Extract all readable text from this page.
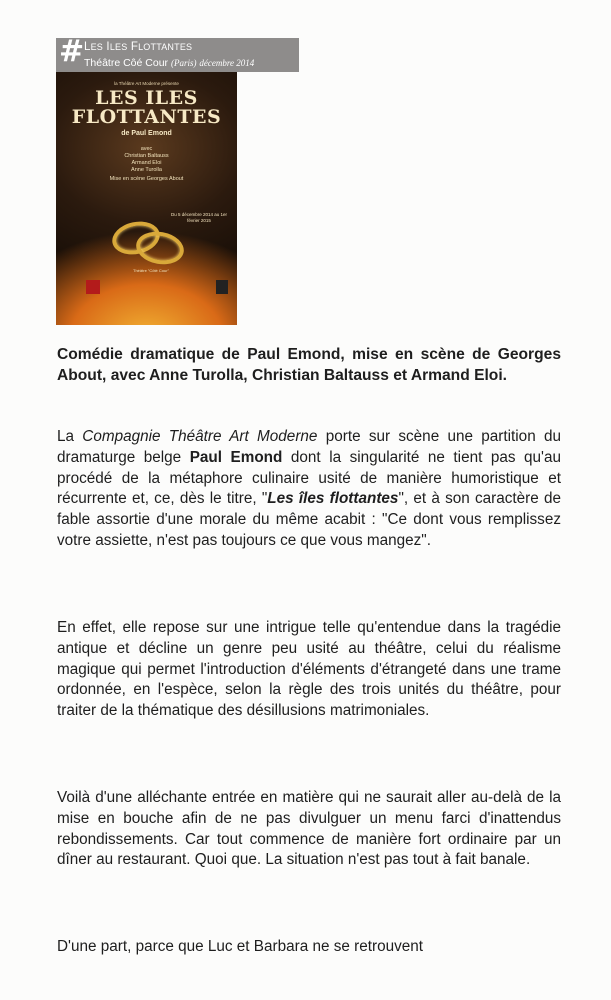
# LES ILES FLOTTANTES
Théâtre Côé Cour (Paris) décembre 2014
la Théâtre Art Moderne présente
LES ILES
FLOTTANTES
de Paul Emond
avec
Christian Baltauss
Armand Eloi
Anne Turolla
Mise en scène Georges About
Du 5 décembre 2014 au 1er février 2015
Théâtre "Côté Cour"
Comédie dramatique de Paul Emond, mise en scène de Georges About, avec Anne Turolla, Christian Baltauss et Armand Eloi.
La Compagnie Théâtre Art Moderne porte sur scène une partition du dramaturge belge Paul Emond dont la singularité ne tient pas qu'au procédé de la métaphore culinaire usité de manière humoristique et récurrente et, ce, dès le titre, "Les îles flottantes", et à son caractère de fable assortie d'une morale du même acabit : "Ce dont vous remplissez votre assiette, n'est pas toujours ce que vous mangez".
En effet, elle repose sur une intrigue telle qu'entendue dans la tragédie antique et décline un genre peu usité au théâtre, celui du réalisme magique qui permet l'introduction d'éléments d'étrangeté dans une trame ordonnée, en l'espèce, selon la règle des trois unités du théâtre, pour traiter de la thématique des désillusions matrimoniales.
Voilà d'une alléchante entrée en matière qui ne saurait aller au-delà de la mise en bouche afin de ne pas divulguer un menu farci d'inattendus rebondissements. Car tout commence de manière fort ordinaire par un dîner au restaurant. Quoi que. La situation n'est pas tout à fait banale.
D'une part, parce que Luc et Barbara ne se retrouvent
